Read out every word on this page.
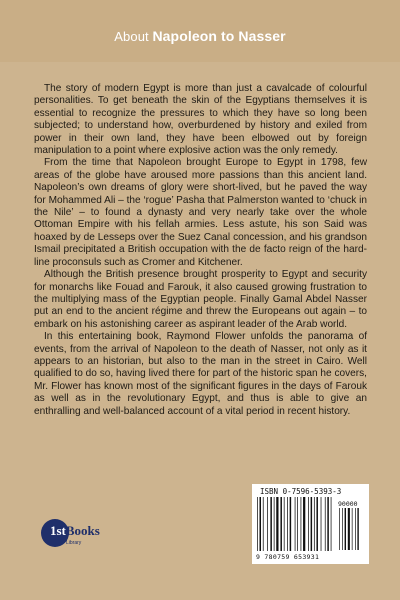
About Napoleon to Nasser

The story of modern Egypt is more than just a cavalcade of colourful personalities. To get beneath the skin of the Egyptians themselves it is essential to recognize the pressures to which they have so long been subjected; to understand how, overburdened by history and exiled from power in their own land, they have been elbowed out by foreign manipulation to a point where explosive action was the only remedy.

From the time that Napoleon brought Europe to Egypt in 1798, few areas of the globe have aroused more passions than this ancient land. Napoleon’s own dreams of glory were short-lived, but he paved the way for Mohammed Ali – the ‘rogue’ Pasha that Palmerston wanted to ‘chuck in the Nile’ – to found a dynasty and very nearly take over the whole Ottoman Empire with his fellah armies. Less astute, his son Said was hoaxed by de Lesseps over the Suez Canal concession, and his grandson Ismail precipitated a British occupation with the de facto reign of the hard-line proconsuls such as Cromer and Kitchener.

Although the British presence brought prosperity to Egypt and security for monarchs like Fouad and Farouk, it also caused growing frustration to the multiplying mass of the Egyptian people. Finally Gamal Abdel Nasser put an end to the ancient régime and threw the Europeans out again – to embark on his astonishing career as aspirant leader of the Arab world.

In this entertaining book, Raymond Flower unfolds the panorama of events, from the arrival of Napoleon to the death of Nasser, not only as it appears to an historian, but also to the man in the street in Cairo. Well qualified to do so, having lived there for part of the historic span he covers, Mr. Flower has known most of the significant figures in the days of Farouk as well as in the revolutionary Egypt, and thus is able to give an enthralling and well-balanced account of a vital period in recent history.

1stBooks
Library
ISBN 0-7596-5393-3
90000
9 780759 653931
